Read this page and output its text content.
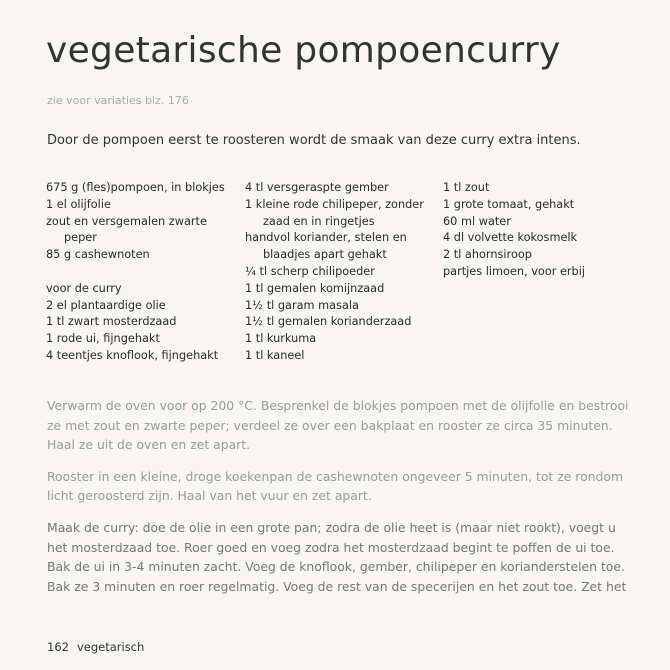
vegetarische pompoencurry

zie voor variaties blz. 176

Door de pompoen eerst te roosteren wordt de smaak van deze curry extra intens.

675 g (fles)pompoen, in blokjes
1 el olijfolie
zout en versgemalen zwarte
peper
85 g cashewnoten
voor de curry
2 el plantaardige olie
1 tl zwart mosterdzaad
1 rode ui, fijngehakt
4 teentjes knoflook, fijngehakt
4 tl versgeraspte gember
1 kleine rode chilipeper, zonder
zaad en in ringetjes
handvol koriander, stelen en
blaadjes apart gehakt
¼ tl scherp chilipoeder
1 tl gemalen komijnzaad
1½ tl garam masala
1½ tl gemalen korianderzaad
1 tl kurkuma
1 tl kaneel
1 tl zout
1 grote tomaat, gehakt
60 ml water
4 dl volvette kokosmelk
2 tl ahornsiroop
partjes limoen, voor erbij

Verwarm de oven voor op 200 °C. Besprenkel de blokjes pompoen met de olijfolie en bestrooi
ze met zout en zwarte peper; verdeel ze over een bakplaat en rooster ze circa 35 minuten.
Haal ze uit de oven en zet apart.

Rooster in een kleine, droge koekenpan de cashewnoten ongeveer 5 minuten, tot ze rondom
licht geroosterd zijn. Haal van het vuur en zet apart.

Maak de curry: doe de olie in een grote pan; zodra de olie heet is (maar niet rookt), voegt u
het mosterdzaad toe. Roer goed en voeg zodra het mosterdzaad begint te poffen de ui toe.
Bak de ui in 3-4 minuten zacht. Voeg de knoflook, gember, chilipeper en korianderstelen toe.
Bak ze 3 minuten en roer regelmatig. Voeg de rest van de specerijen en het zout toe. Zet het

162 vegetarisch
